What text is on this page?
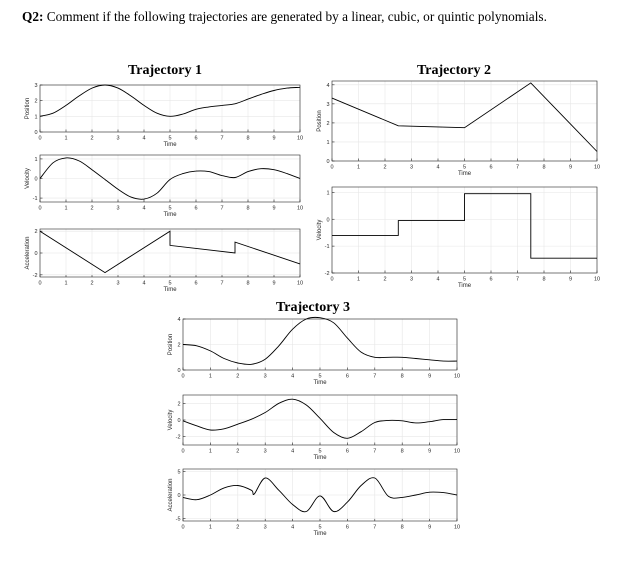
Q2: Comment if the following trajectories are generated by a linear, cubic, or quintic polynomials.

Trajectory 1	Trajectory 2
Trajectory 3
0	1	2	3	4	5	6	7	8	9	10
0
1
2
3
Time
Position
0	1	2	3	4	5	6	7	8	9	10
-1
0
1
Time
Velocity
0	1	2	3	4	5	6	7	8	9	10
-2
0
2
Time
Acceleration
0	1	2	3	4	5	6	7	8	9	10
0
1
2
3
4
Time
Position
0	1	2	3	4	5	6	7	8	9	10
-2
-1
0
1
Time
Velocity
0	1	2	3	4	5	6	7	8	9	10
0
2
4
Time
Position
0	1	2	3	4	5	6	7	8	9	10
-2
0
2
Time
Velocity
0	1	2	3	4	5	6	7	8	9	10
-5
0
5
Time
Acceleration
